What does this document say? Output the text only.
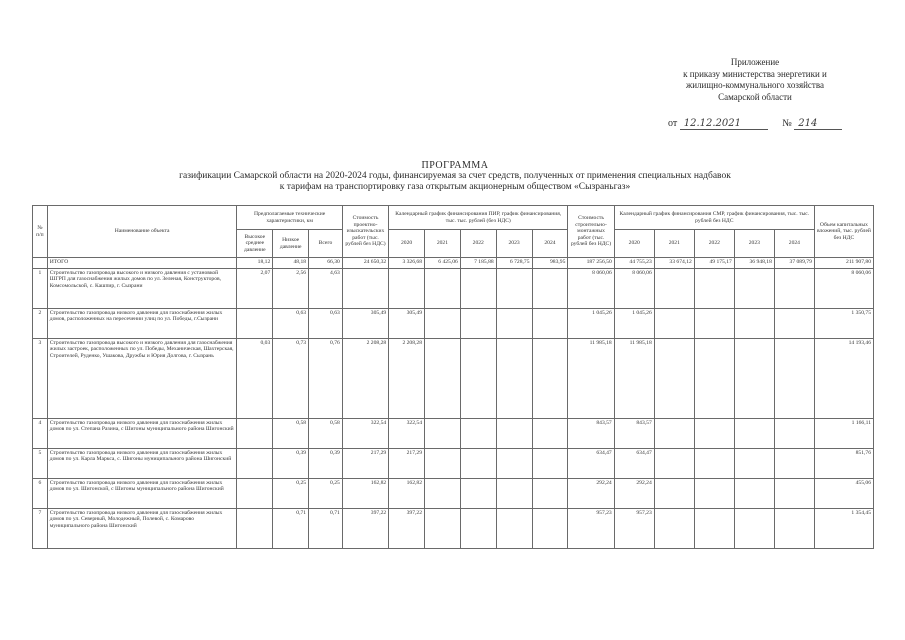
Приложение
к приказу министерства энергетики и
жилищно-коммунального хозяйства
Самарской области
от 12.12.2021	№ 214
ПРОГРАММА
газификации Самарской области на 2020-2024 годы, финансируемая за счет средств, полученных от применения специальных надбавок
к тарифам на транспортировку газа открытым акционерным обществом «Сызраньгаз»
№ п/п	Наименование объекта	Предполагаемые технические характеристики, км			Стоимость проектно-изыскательских работ (тыс. рублей без НДС)	Календарный график финансирования ПИР, график финансирования, тыс. тыс. рублей (без НДС)					Стоимость строительно-монтажных работ (тыс. рублей без НДС)	Календарный график финансирования СМР, график финансирования, тыс. тыс. рублей без НДС					Объем капитальных вложений, тыс. рублей без НДС
		Высокое среднее давление	Низкое давление	Всего		2020	2021	2022	2023	2024		2020	2021	2022	2023	2024	
	ИТОГО	18,12	48,18	66,30	24 650,32	3 326,68	6 425,06	7 185,88	6 728,75	983,95	187 256,50	44 755,23	33 674,12	49 175,17	36 948,18	37 089,79	211 907,80
1	Строительство газопровода высокого и низкого давления с установкой ШГРП для газоснабжения жилых домов по ул. Зеленая, Конструкторов, Комсомольской, с. Кашпир, г. Сызрани	2,07	2,56	4,63							8 060,06	8 060,06					8 060,06
2	Строительство газопровода низкого давления для газоснабжения жилых домов, расположенных на пересечении улиц по ул. Победы, г.Сызрани		0,63	0,63	305,49	305,49					1 045,26	1 045,26					1 350,75
3	Строительство газопровода высокого и низкого давления для газоснабжения жилых застроек, расположенных по ул. Победы, Механическая, Шахтерская, Строителей, Руденко, Ушакова, Дружбы и Юрия Долгова, г. Сызрань	0,03	0,73	0,76	2 208,28	2 208,28					11 985,18	11 985,18					14 193,46
4	Строительство газопровода низкого давления для газоснабжения жилых домов по ул. Степана Разина, с Шигоны муниципального района Шигонский		0,58	0,58	322,54	322,54					843,57	843,57					1 166,11
5	Строительство газопровода низкого давления для газоснабжения жилых домов по ул. Карла Маркса, с. Шигоны муниципального района Шигонский		0,39	0,39	217,29	217,29					634,47	634,47					851,76
6	Строительство газопровода низкого давления для газоснабжения жилых домов по ул. Шигонской, с Шигоны муниципального района Шигонский		0,25	0,25	162,82	162,82					292,24	292,24					455,06
7	Строительство газопровода низкого давления для газоснабжения жилых домов по ул. Северный, Молодежный, Полевой, с. Комарово муниципального района Шигонский		0,71	0,71	397,22	397,22					957,23	957,23					1 354,45
